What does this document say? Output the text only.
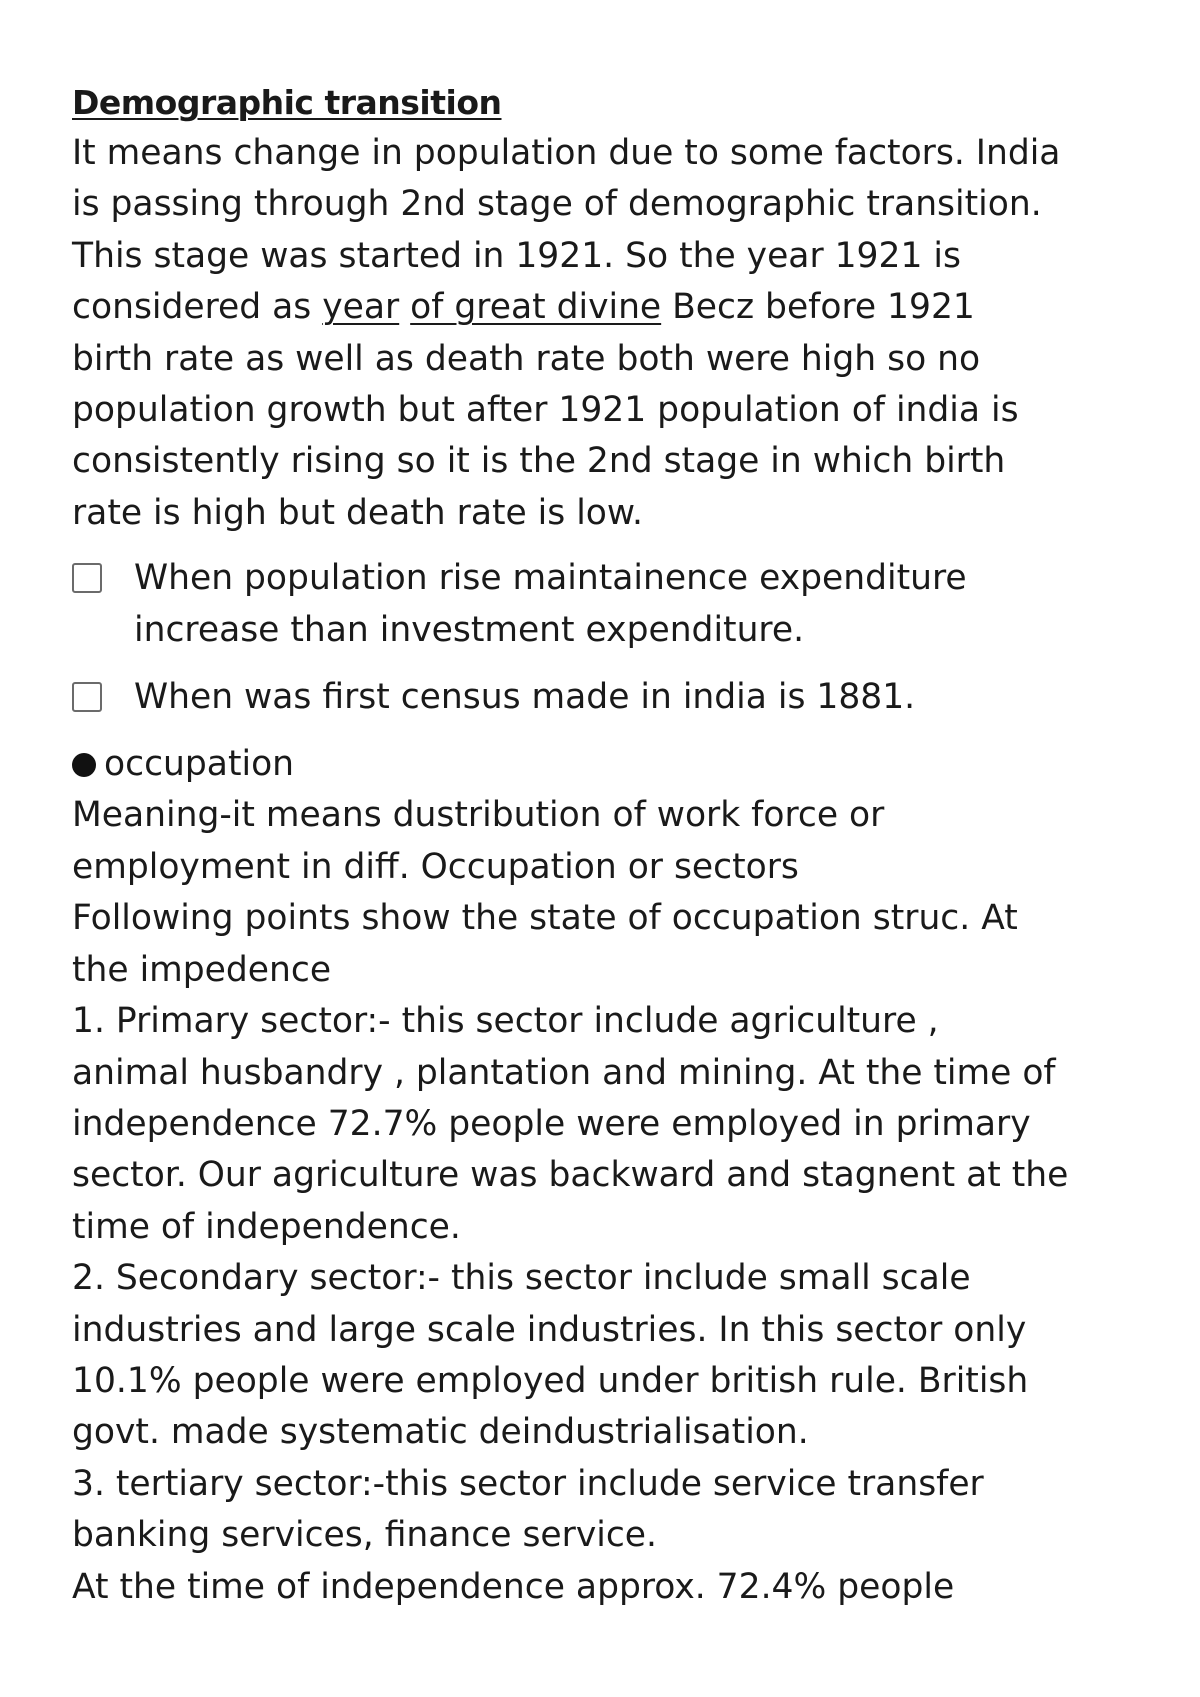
Demographic transition

It means change in population due to some factors. India
is passing through 2nd stage of demographic transition.
This stage was started in 1921. So the year 1921 is
considered as year of great divine Becz before 1921
birth rate as well as death rate both were high so no
population growth but after 1921 population of india is
consistently rising so it is the 2nd stage in which birth
rate is high but death rate is low.

When population rise maintainence expenditure
increase than investment expenditure.
When was first census made in india is 1881.
occupation

Meaning-it means dustribution of work force or
employment in diff. Occupation or sectors
Following points show the state of occupation struc. At
the impedence
1. Primary sector:- this sector include agriculture ,
animal husbandry , plantation and mining. At the time of
independence 72.7% people were employed in primary
sector. Our agriculture was backward and stagnent at the
time of independence.
2. Secondary sector:- this sector include small scale
industries and large scale industries. In this sector only
10.1% people were employed under british rule. British
govt. made systematic deindustrialisation.
3. tertiary sector:-this sector include service transfer
banking services, finance service.
At the time of independence approx. 72.4% people
